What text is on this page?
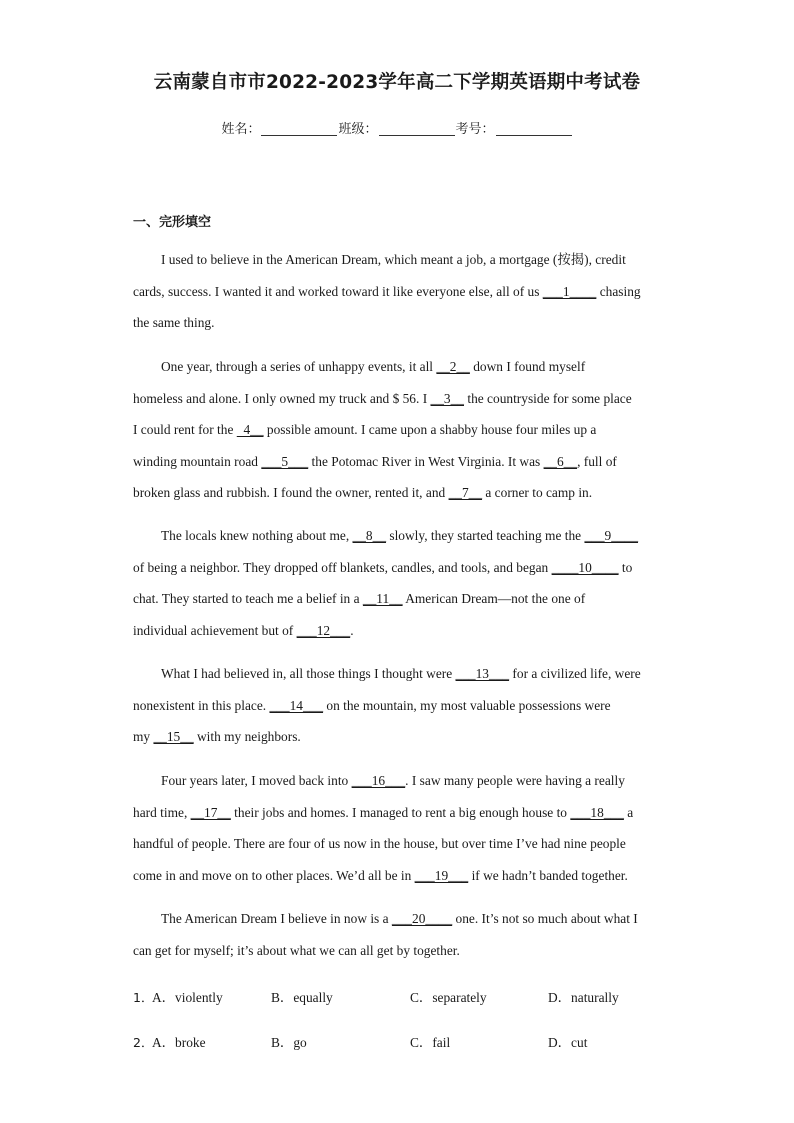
云南蒙自市市2022-2023学年高二下学期英语期中考试卷
姓名：	班级：	考号：
一、完形填空
I used to believe in the American Dream, which meant a job, a mortgage (按揭), credit
cards, success. I wanted it and worked toward it like everyone else, all of us ___1____ chasing
the same thing.
One year, through a series of unhappy events, it all __2__ down I found myself
homeless and alone. I only owned my truck and $ 56. I __3__ the countryside for some place
I could rent for the   4__ possible amount. I came upon a shabby house four miles up a
winding mountain road ___5___ the Potomac River in West Virginia. It was __6__, full of
broken glass and rubbish. I found the owner, rented it, and __7__ a corner to camp in.
The locals knew nothing about me, __8__ slowly, they started teaching me the ___9____
of being a neighbor. They dropped off blankets, candles, and tools, and began ____10____ to
chat. They started to teach me a belief in a __11__ American Dream—not the one of
individual achievement but of ___12___.
What I had believed in, all those things I thought were ___13___ for a civilized life, were
nonexistent in this place. ___14___ on the mountain, my most valuable possessions were
my __15__ with my neighbors.
Four years later, I moved back into ___16___. I saw many people were having a really
hard time, __17__ their jobs and homes. I managed to rent a big enough house to ___18___ a
handful of people. There are four of us now in the house, but over time I’ve had nine people
come in and move on to other places. We’d all be in ___19___ if we hadn’t banded together.
The American Dream I believe in now is a ___20____ one. It’s not so much about what I
can get for myself; it’s about what we can all get by together.
1．
A．violently	B．equally	C．separately	D．naturally
2．
A．broke	B．go	C．fail	D．cut
